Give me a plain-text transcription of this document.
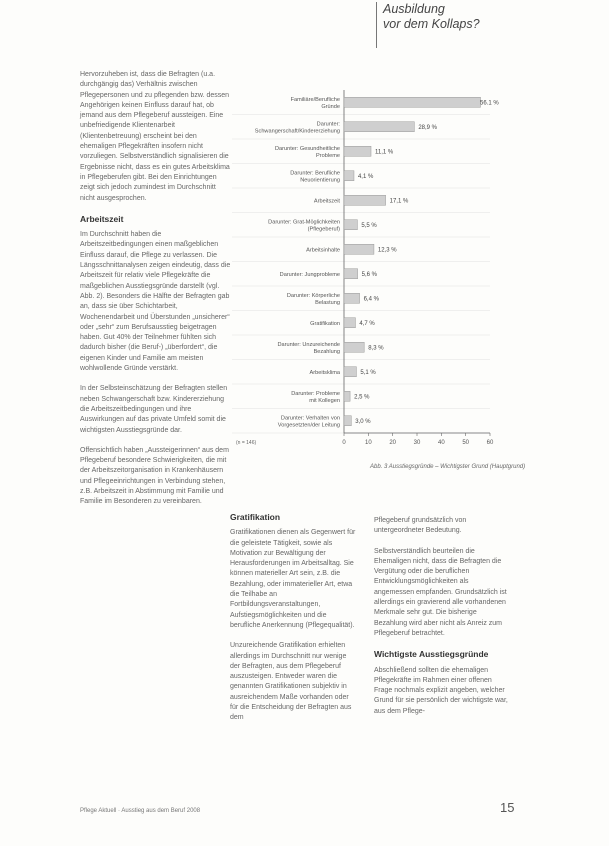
Ausbildung
vor dem Kollaps?

Hervorzuheben ist, dass die Befragten (u.a. durchgängig das) Verhältnis zwischen Pflegepersonen und zu pflegenden bzw. dessen Angehörigen keinen Einfluss darauf hat, ob jemand aus dem Pflegeberuf aussteigen. Eine unbefriedigende Klientenarbeit (Klientenbetreuung) erscheint bei den ehemaligen Pflegekräften insofern nicht vorzuliegen. Selbstverständlich signalisieren die Ergebnisse nicht, dass es ein gutes Arbeitsklima in Pflegeberufen gibt. Bei den Einrichtungen zeigt sich jedoch zumindest im Durchschnitt nicht ausgesprochen.

Arbeitszeit

Im Durchschnitt haben die Arbeitszeitbedingungen einen maßgeblichen Einfluss darauf, die Pflege zu verlassen. Die Längsschnittanalysen zeigen eindeutig, dass die Arbeitszeit für relativ viele Pflegekräfte die maßgeblichen Ausstiegsgründe darstellt (vgl. Abb. 2). Besonders die Hälfte der Befragten gab an, dass sie über Schichtarbeit, Wochenendarbeit und Überstunden „unsicherer“ oder „sehr“ zum Berufsausstieg beigetragen haben. Gut 40% der Teilnehmer fühlten sich dadurch bisher (die Beruf-) „überfordert“, die eigenen Kinder und Familie am meisten wohlwollende Gründe verstärkt.

In der Selbsteinschätzung der Befragten stellen neben Schwangerschaft bzw. Kindererziehung die Arbeitszeitbedingungen und ihre Auswirkungen auf das private Umfeld somit die wichtigsten Ausstiegsgründe dar.

Offensichtlich haben „Aussteigerinnen“ aus dem Pflegeberuf besondere Schwierigkeiten, die mit der Arbeitszeitorganisation in Krankenhäusern und Pflegeeinrichtungen in Verbindung stehen, z.B. Arbeitszeit in Abstimmung mit Familie und Familie im Besonderen zu vereinbaren.

Familiäre/Berufliche Gründe
56.1 %
Darunter: Schwangerschaft/Kindererziehung
28,9 %
Darunter: Gesundheitliche Probleme
11,1 %
Darunter: Berufliche Neuorientierung
4,1 %
Arbeitszeit	17,1 %
Darunter: Grat-Möglichkeiten (Pflegeberuf)
5,5 %
Arbeitsinhalte	12,3 %
Darunter: Jungprobleme	5,6 %
Darunter: Körperliche Belastung
6,4 %
Gratifikation	4,7 %
Darunter: Unzureichende Bezahlung
8,3 %
Arbeitsklima	5,1 %
Darunter: Probleme mit Kollegen
2,5 %
Darunter: Verhalten von Vorgesetzten/der Leitung
3,0 %
0	10	20	30	40	50	60
(n = 146)
Abb. 3 Ausstiegsgründe – Wichtigster Grund (Hauptgrund)
Gratifikation

Gratifikationen dienen als Gegenwert für die geleistete Tätigkeit, sowie als Motivation zur Bewältigung der Herausforderungen im Arbeitsalltag. Sie können materieller Art sein, z.B. die Bezahlung, oder immaterieller Art, etwa die Teilhabe an Fortbildungsveranstaltungen, Aufstiegsmöglichkeiten und die berufliche Anerkennung (Pflegequalität).

Unzureichende Gratifikation erhielten allerdings im Durchschnitt nur wenige der Befragten, aus dem Pflegeberuf auszusteigen. Entweder waren die genannten Gratifikationen subjektiv in ausreichendem Maße vorhanden oder für die Entscheidung der Befragten aus dem

Pflegeberuf grundsätzlich von untergeordneter Bedeutung.

Selbstverständlich beurteilen die Ehemaligen nicht, dass die Befragten die Vergütung oder die beruflichen Entwicklungsmöglichkeiten als angemessen empfanden. Grundsätzlich ist allerdings ein gravierend alle vorhandenen Merkmale sehr gut. Die bisherige Bezahlung wird aber nicht als Anreiz zum Pflegeberuf betrachtet.

Wichtigste Ausstiegsgründe

Abschließend sollten die ehemaligen Pflegekräfte im Rahmen einer offenen Frage nochmals explizit angeben, welcher Grund für sie persönlich der wichtigste war, aus dem Pflege-

Pflege Aktuell · Ausstieg aus dem Beruf 2008	15
